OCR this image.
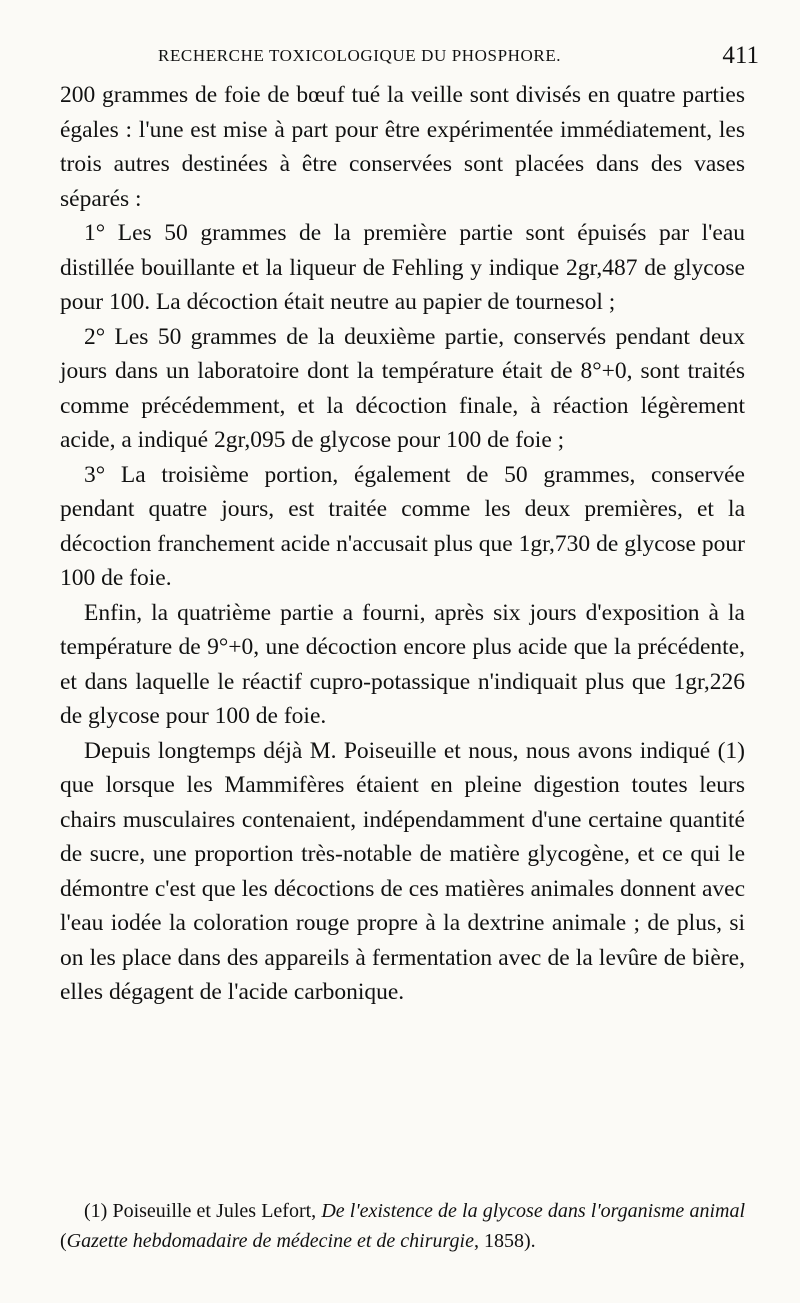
RECHERCHE TOXICOLOGIQUE DU PHOSPHORE.	411

200 grammes de foie de bœuf tué la veille sont divisés en quatre parties égales : l'une est mise à part pour être expérimentée immédiatement, les trois autres destinées à être conservées sont placées dans des vases séparés :

1° Les 50 grammes de la première partie sont épuisés par l'eau distillée bouillante et la liqueur de Fehling y indique 2gr,487 de glycose pour 100. La décoction était neutre au papier de tournesol ;

2° Les 50 grammes de la deuxième partie, conservés pendant deux jours dans un laboratoire dont la température était de 8°+0, sont traités comme précédemment, et la décoction finale, à réaction légèrement acide, a indiqué 2gr,095 de glycose pour 100 de foie ;

3° La troisième portion, également de 50 grammes, conservée pendant quatre jours, est traitée comme les deux premières, et la décoction franchement acide n'accusait plus que 1gr,730 de glycose pour 100 de foie.

Enfin, la quatrième partie a fourni, après six jours d'exposition à la température de 9°+0, une décoction encore plus acide que la précédente, et dans laquelle le réactif cupro-potassique n'indiquait plus que 1gr,226 de glycose pour 100 de foie.

Depuis longtemps déjà M. Poiseuille et nous, nous avons indiqué (1) que lorsque les Mammifères étaient en pleine digestion toutes leurs chairs musculaires contenaient, indépendamment d'une certaine quantité de sucre, une proportion très-notable de matière glycogène, et ce qui le démontre c'est que les décoctions de ces matières animales donnent avec l'eau iodée la coloration rouge propre à la dextrine animale ; de plus, si on les place dans des appareils à fermentation avec de la levûre de bière, elles dégagent de l'acide carbonique.

(1) Poiseuille et Jules Lefort, De l'existence de la glycose dans l'organisme animal (Gazette hebdomadaire de médecine et de chirurgie, 1858).
